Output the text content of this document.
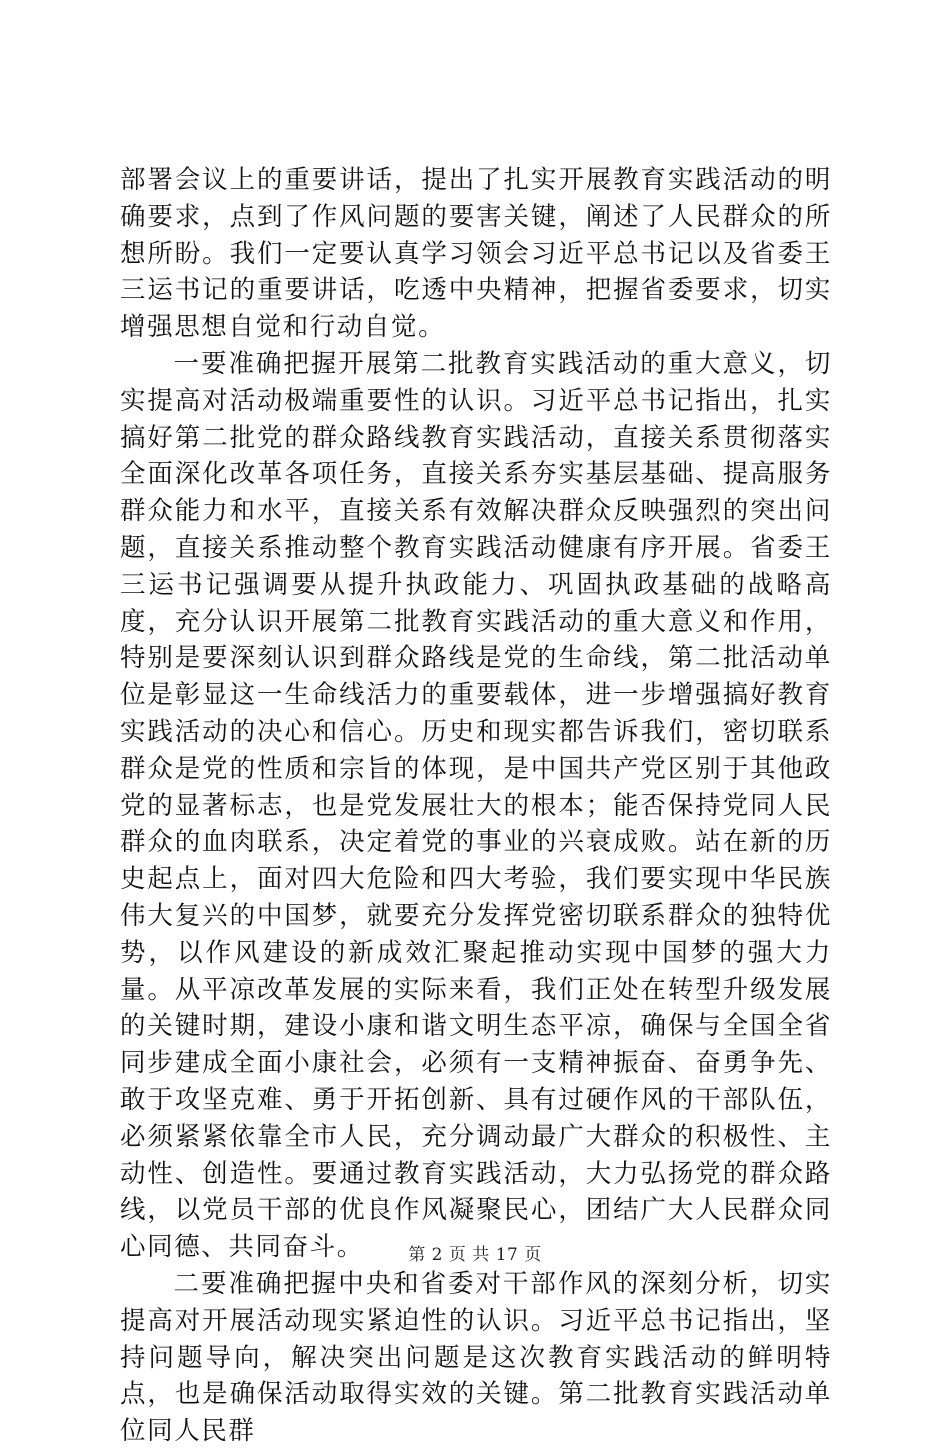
部署会议上的重要讲话，提出了扎实开展教育实践活动的明确要求，点到了作风问题的要害关键，阐述了人民群众的所想所盼。我们一定要认真学习领会习近平总书记以及省委王三运书记的重要讲话，吃透中央精神，把握省委要求，切实增强思想自觉和行动自觉。

一要准确把握开展第二批教育实践活动的重大意义，切实提高对活动极端重要性的认识。习近平总书记指出，扎实搞好第二批党的群众路线教育实践活动，直接关系贯彻落实全面深化改革各项任务，直接关系夯实基层基础、提高服务群众能力和水平，直接关系有效解决群众反映强烈的突出问题，直接关系推动整个教育实践活动健康有序开展。省委王三运书记强调要从提升执政能力、巩固执政基础的战略高度，充分认识开展第二批教育实践活动的重大意义和作用，特别是要深刻认识到群众路线是党的生命线，第二批活动单位是彰显这一生命线活力的重要载体，进一步增强搞好教育实践活动的决心和信心。历史和现实都告诉我们，密切联系群众是党的性质和宗旨的体现，是中国共产党区别于其他政党的显著标志，也是党发展壮大的根本；能否保持党同人民群众的血肉联系，决定着党的事业的兴衰成败。站在新的历史起点上，面对四大危险和四大考验，我们要实现中华民族伟大复兴的中国梦，就要充分发挥党密切联系群众的独特优势，以作风建设的新成效汇聚起推动实现中国梦的强大力量。从平凉改革发展的实际来看，我们正处在转型升级发展的关键时期，建设小康和谐文明生态平凉，确保与全国全省同步建成全面小康社会，必须有一支精神振奋、奋勇争先、敢于攻坚克难、勇于开拓创新、具有过硬作风的干部队伍，必须紧紧依靠全市人民，充分调动最广大群众的积极性、主动性、创造性。要通过教育实践活动，大力弘扬党的群众路线，以党员干部的优良作风凝聚民心，团结广大人民群众同心同德、共同奋斗。

二要准确把握中央和省委对干部作风的深刻分析，切实提高对开展活动现实紧迫性的认识。习近平总书记指出，坚持问题导向，解决突出问题是这次教育实践活动的鲜明特点，也是确保活动取得实效的关键。第二批教育实践活动单位同人民群

第 2 页 共 17 页
